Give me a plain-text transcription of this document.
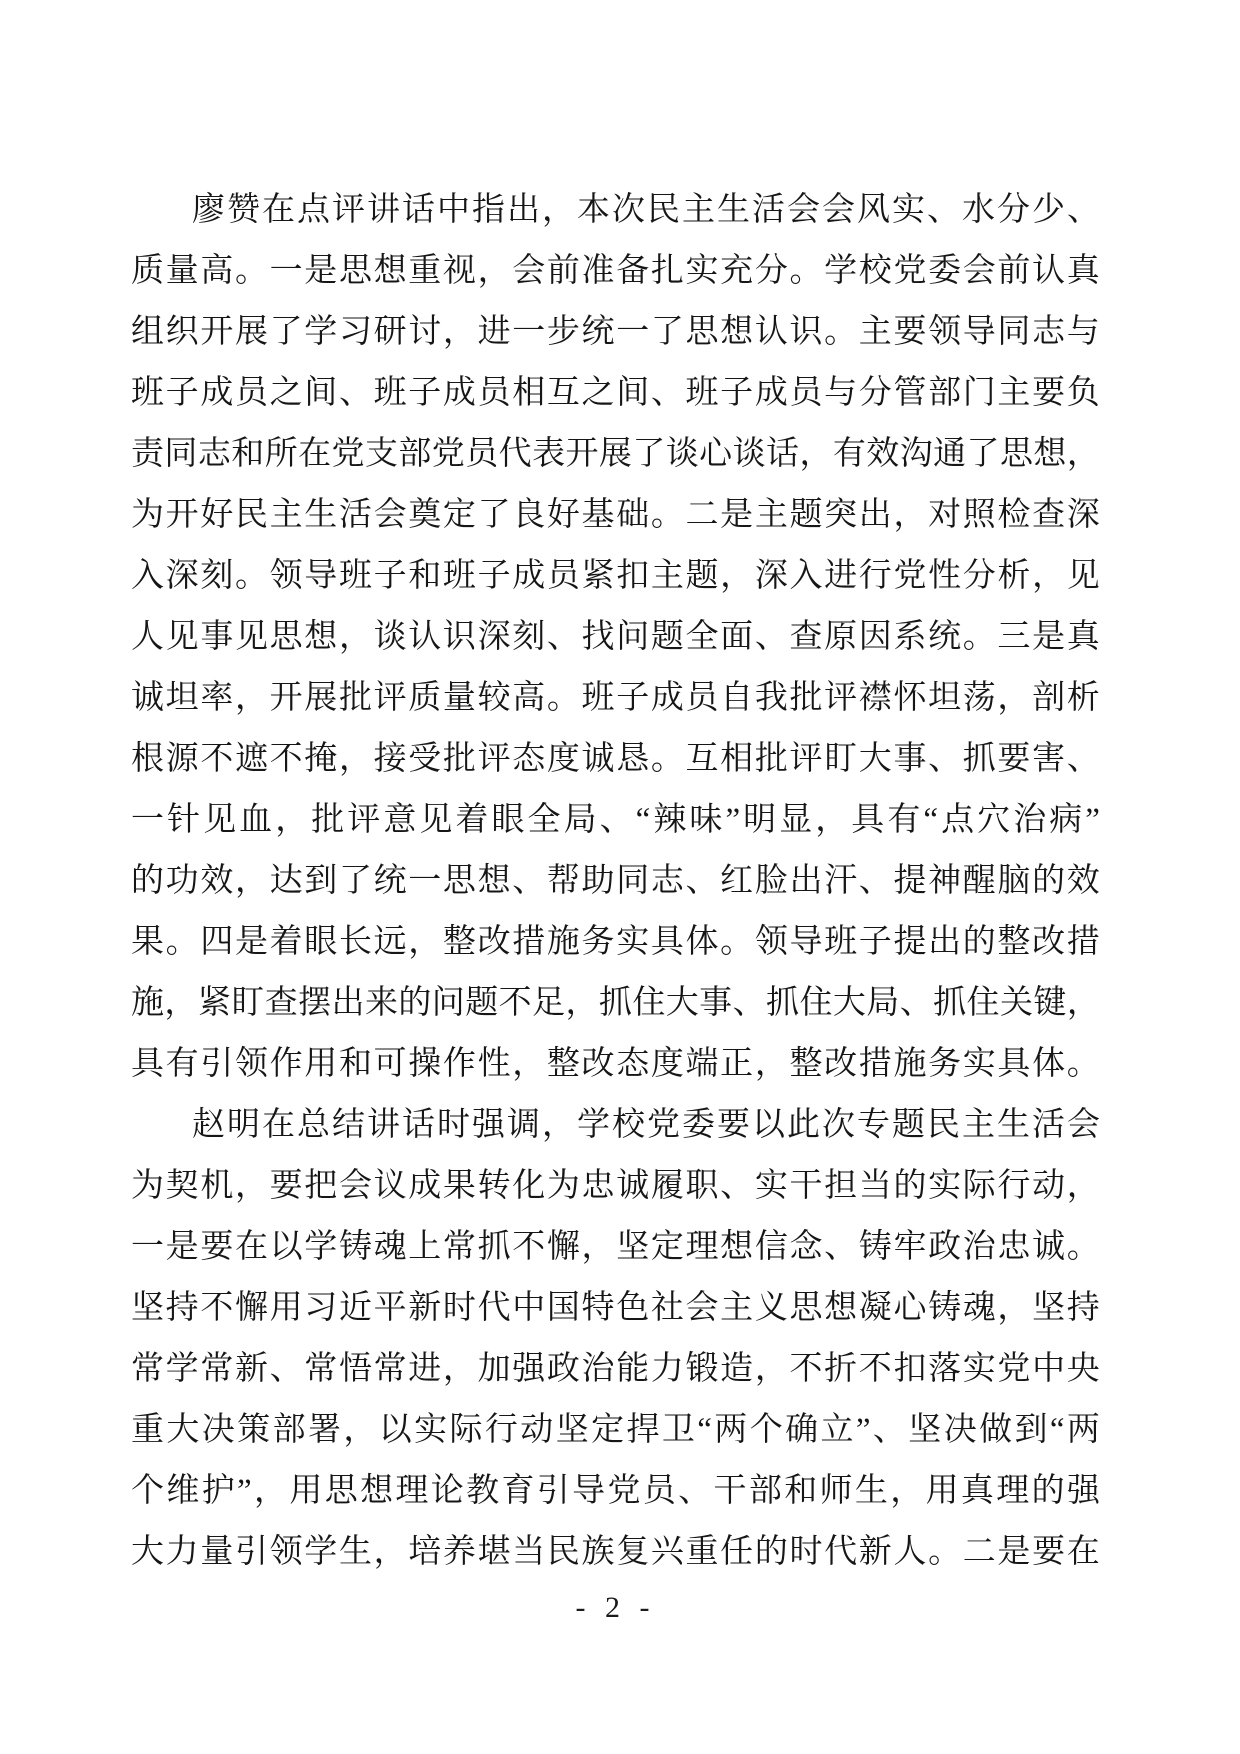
廖 赞 在 点 评 讲 话 中 指 出 ， 本 次 民 主 生 活 会 会 风 实 、 水 分 少 、
质 量 高 。 一 是 思 想 重 视 ， 会 前 准 备 扎 实 充 分 。 学 校 党 委 会 前 认 真
组 织 开 展 了 学 习 研 讨 ， 进 一 步 统 一 了 思 想 认 识 。 主 要 领 导 同 志 与
班 子 成 员 之 间 、 班 子 成 员 相 互 之 间 、 班 子 成 员 与 分 管 部 门 主 要 负
责 同 志 和 所 在 党 支 部 党 员 代 表 开 展 了 谈 心 谈 话 ， 有 效 沟 通 了 思 想 ，
为 开 好 民 主 生 活 会 奠 定 了 良 好 基 础 。 二 是 主 题 突 出 ， 对 照 检 查 深
入 深 刻 。 领 导 班 子 和 班 子 成 员 紧 扣 主 题 ， 深 入 进 行 党 性 分 析 ， 见
人 见 事 见 思 想 ， 谈 认 识 深 刻 、 找 问 题 全 面 、 查 原 因 系 统 。 三 是 真
诚 坦 率 ， 开 展 批 评 质 量 较 高 。 班 子 成 员 自 我 批 评 襟 怀 坦 荡 ， 剖 析
根 源 不 遮 不 掩 ， 接 受 批 评 态 度 诚 恳 。 互 相 批 评 盯 大 事 、 抓 要 害 、
一 针 见 血 ， 批 评 意 见 着 眼 全 局 、 “ 辣 味 ” 明 显 ， 具 有 “ 点 穴 治 病 ”
的 功 效 ， 达 到 了 统 一 思 想 、 帮 助 同 志 、 红 脸 出 汗 、 提 神 醒 脑 的 效
果 。 四 是 着 眼 长 远 ， 整 改 措 施 务 实 具 体 。 领 导 班 子 提 出 的 整 改 措
施 ， 紧 盯 查 摆 出 来 的 问 题 不 足 ， 抓 住 大 事 、 抓 住 大 局 、 抓 住 关 键 ，
具 有 引 领 作 用 和 可 操 作 性 ， 整 改 态 度 端 正 ， 整 改 措 施 务 实 具 体 。
赵 明 在 总 结 讲 话 时 强 调 ， 学 校 党 委 要 以 此 次 专 题 民 主 生 活 会
为 契 机 ， 要 把 会 议 成 果 转 化 为 忠 诚 履 职 、 实 干 担 当 的 实 际 行 动 ，
一 是 要 在 以 学 铸 魂 上 常 抓 不 懈 ， 坚 定 理 想 信 念 、 铸 牢 政 治 忠 诚 。
坚 持 不 懈 用 习 近 平 新 时 代 中 国 特 色 社 会 主 义 思 想 凝 心 铸 魂 ， 坚 持
常 学 常 新 、 常 悟 常 进 ， 加 强 政 治 能 力 锻 造 ， 不 折 不 扣 落 实 党 中 央
重 大 决 策 部 署 ， 以 实 际 行 动 坚 定 捍 卫 “ 两 个 确 立 ” 、 坚 决 做 到 “ 两
个 维 护 ” ， 用 思 想 理 论 教 育 引 导 党 员 、 干 部 和 师 生 ， 用 真 理 的 强
大 力 量 引 领 学 生 ， 培 养 堪 当 民 族 复 兴 重 任 的 时 代 新 人 。 二 是 要 在
- 2 -
